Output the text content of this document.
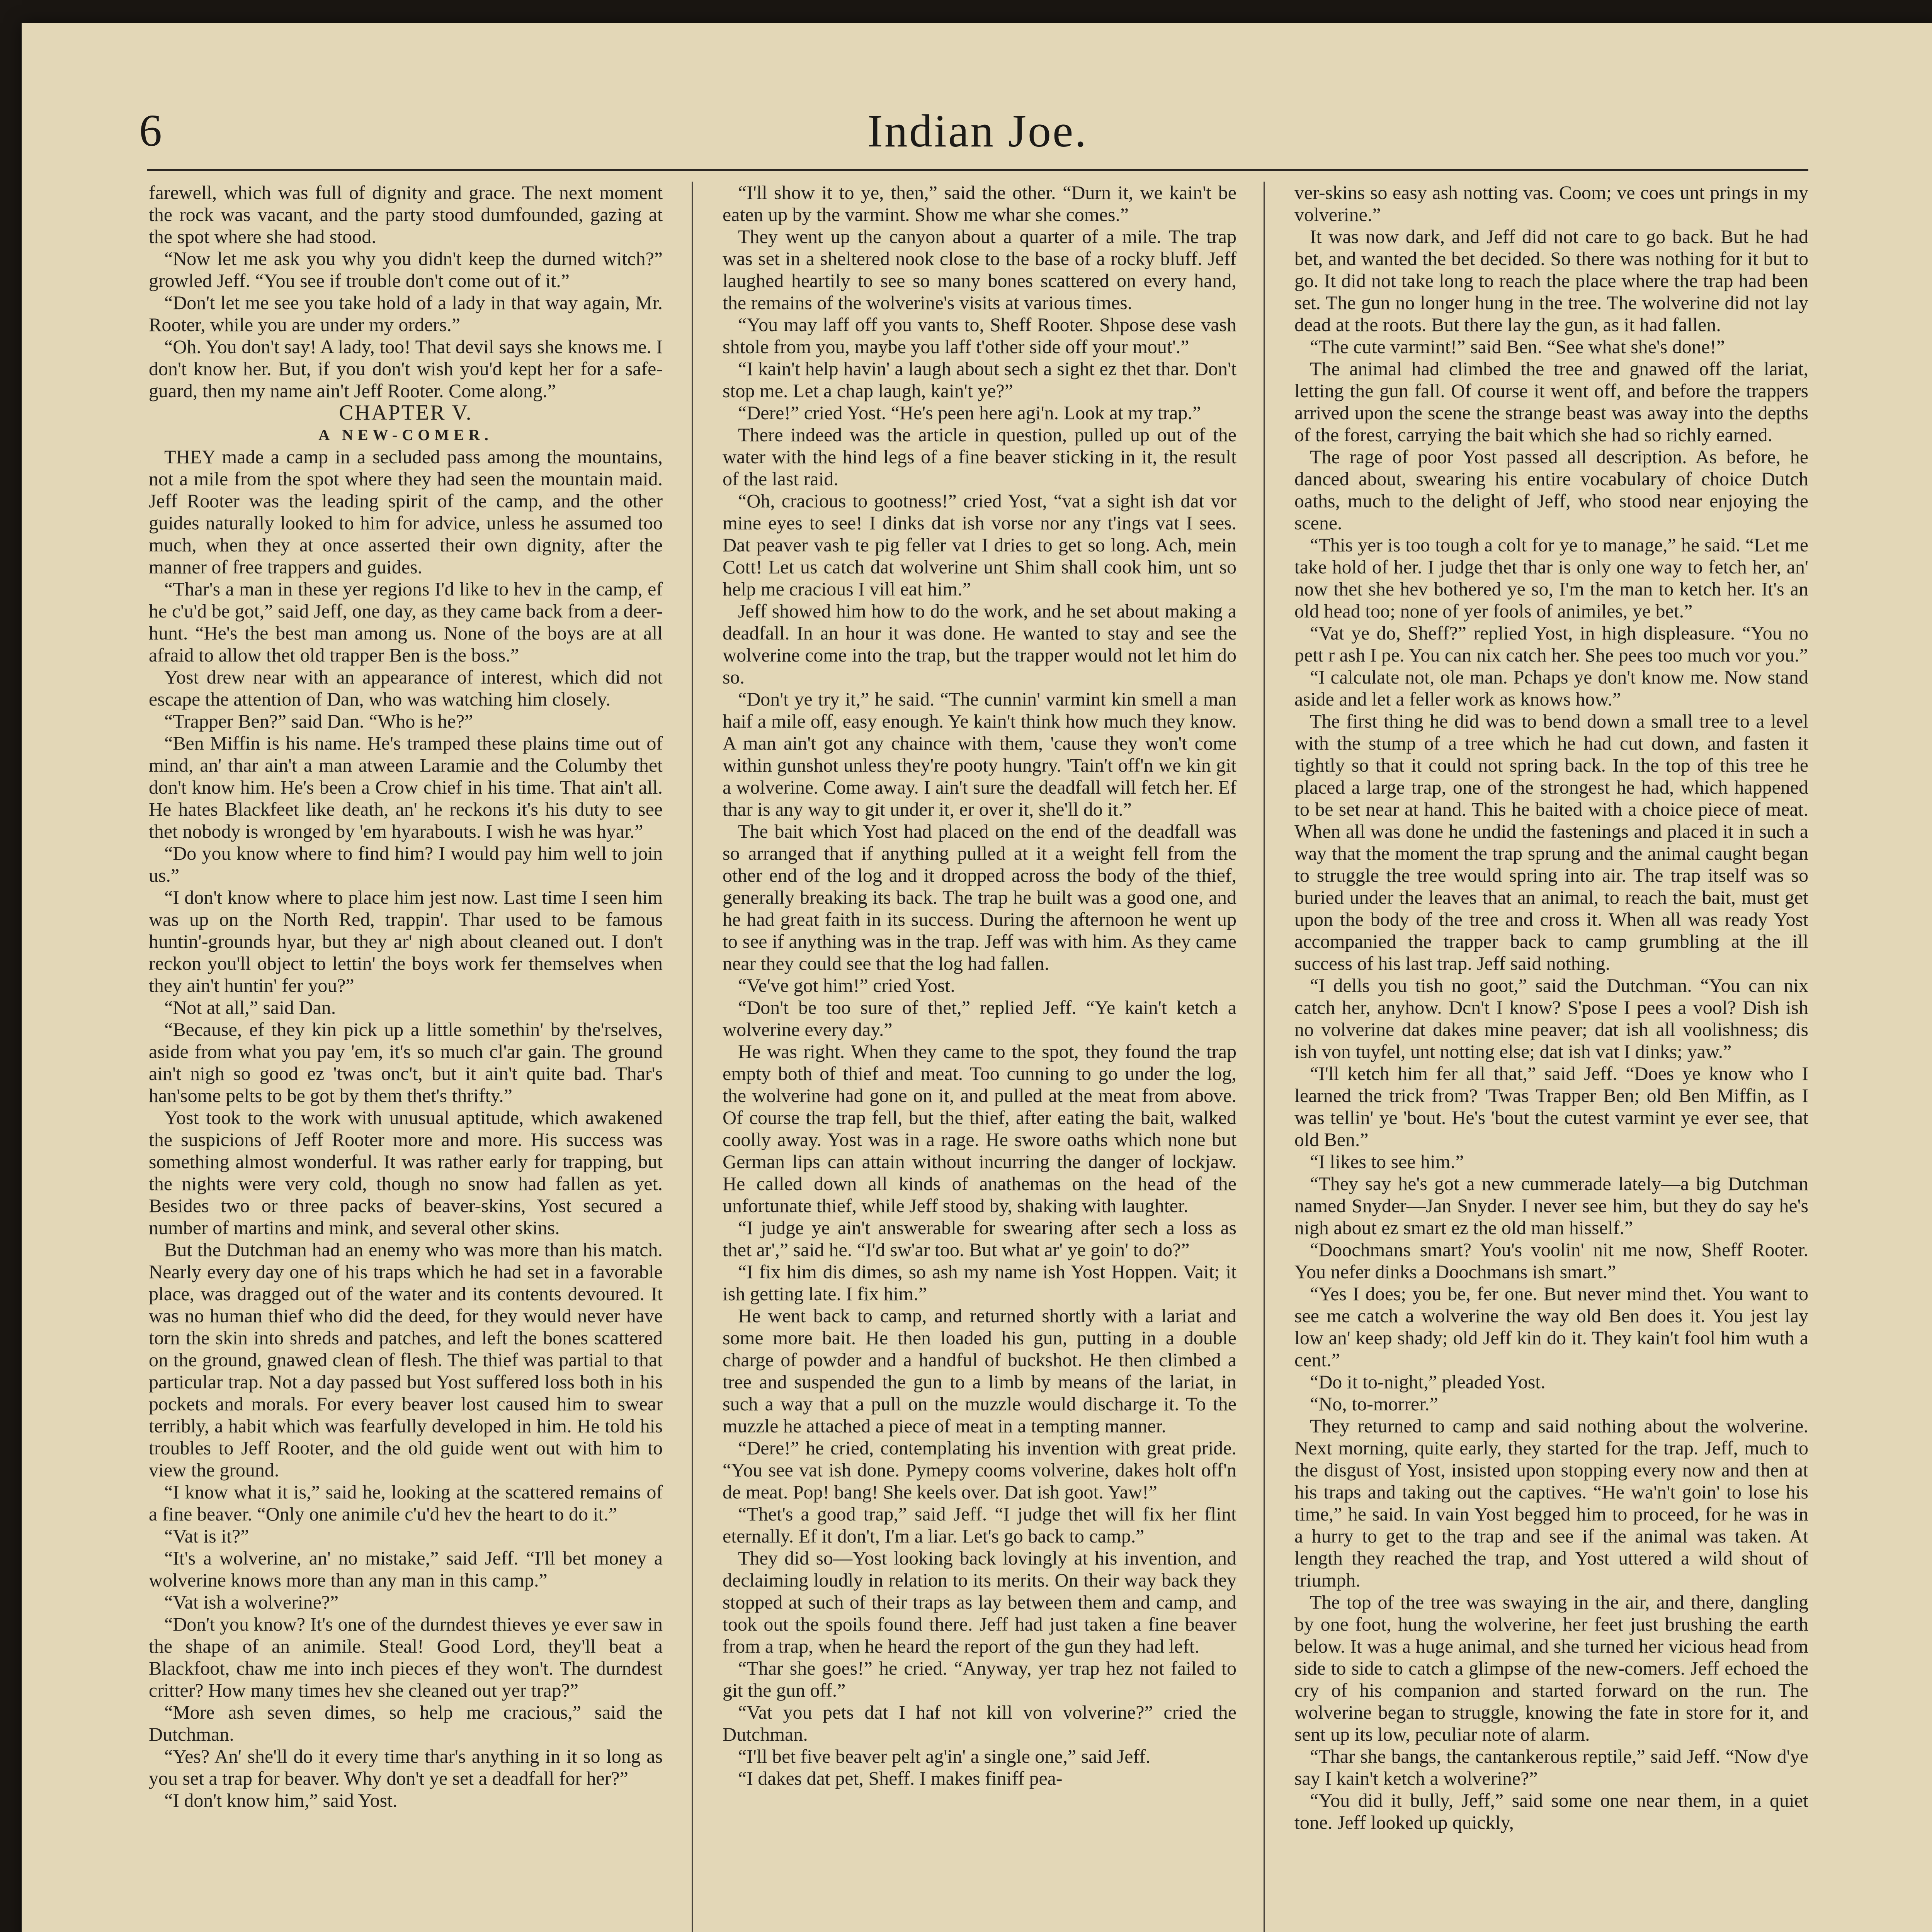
6	Indian Joe.

farewell, which was full of dignity and grace. The next moment the rock was vacant, and the party stood dumfounded, gazing at the spot where she had stood.

“Now let me ask you why you didn't keep the durned witch?” growled Jeff. “You see if trouble don't come out of it.”

“Don't let me see you take hold of a lady in that way again, Mr. Rooter, while you are under my orders.”

“Oh. You don't say! A lady, too! That devil says she knows me. I don't know her. But, if you don't wish you'd kept her for a safe-guard, then my name ain't Jeff Rooter. Come along.”

CHAPTER V.

A NEW-COMER.

THEY made a camp in a secluded pass among the mountains, not a mile from the spot where they had seen the mountain maid. Jeff Rooter was the leading spirit of the camp, and the other guides naturally looked to him for advice, unless he assumed too much, when they at once asserted their own dignity, after the manner of free trappers and guides.

“Thar's a man in these yer regions I'd like to hev in the camp, ef he c'u'd be got,” said Jeff, one day, as they came back from a deer-hunt. “He's the best man among us. None of the boys are at all afraid to allow thet old trapper Ben is the boss.”

Yost drew near with an appearance of interest, which did not escape the attention of Dan, who was watching him closely.

“Trapper Ben?” said Dan. “Who is he?”

“Ben Miffin is his name. He's tramped these plains time out of mind, an' thar ain't a man atween Laramie and the Columby thet don't know him. He's been a Crow chief in his time. That ain't all. He hates Blackfeet like death, an' he reckons it's his duty to see thet nobody is wronged by 'em hyarabouts. I wish he was hyar.”

“Do you know where to find him? I would pay him well to join us.”

“I don't know where to place him jest now. Last time I seen him was up on the North Red, trappin'. Thar used to be famous huntin'-grounds hyar, but they ar' nigh about cleaned out. I don't reckon you'll object to lettin' the boys work fer themselves when they ain't huntin' fer you?”

“Not at all,” said Dan.

“Because, ef they kin pick up a little somethin' by the'rselves, aside from what you pay 'em, it's so much cl'ar gain. The ground ain't nigh so good ez 'twas onc't, but it ain't quite bad. Thar's han'some pelts to be got by them thet's thrifty.”

Yost took to the work with unusual aptitude, which awakened the suspicions of Jeff Rooter more and more. His success was something almost wonderful. It was rather early for trapping, but the nights were very cold, though no snow had fallen as yet. Besides two or three packs of beaver-skins, Yost secured a number of martins and mink, and several other skins.

But the Dutchman had an enemy who was more than his match. Nearly every day one of his traps which he had set in a favorable place, was dragged out of the water and its contents devoured. It was no human thief who did the deed, for they would never have torn the skin into shreds and patches, and left the bones scattered on the ground, gnawed clean of flesh. The thief was partial to that particular trap. Not a day passed but Yost suffered loss both in his pockets and morals. For every beaver lost caused him to swear terribly, a habit which was fearfully developed in him. He told his troubles to Jeff Rooter, and the old guide went out with him to view the ground.

“I know what it is,” said he, looking at the scattered remains of a fine beaver. “Only one animile c'u'd hev the heart to do it.”

“Vat is it?”

“It's a wolverine, an' no mistake,” said Jeff. “I'll bet money a wolverine knows more than any man in this camp.”

“Vat ish a wolverine?”

“Don't you know? It's one of the durndest thieves ye ever saw in the shape of an animile. Steal! Good Lord, they'll beat a Blackfoot, chaw me into inch pieces ef they won't. The durndest critter? How many times hev she cleaned out yer trap?”

“More ash seven dimes, so help me cracious,” said the Dutchman.

“Yes? An' she'll do it every time thar's anything in it so long as you set a trap for beaver. Why don't ye set a deadfall for her?”

“I don't know him,” said Yost.

“I'll show it to ye, then,” said the other. “Durn it, we kain't be eaten up by the varmint. Show me whar she comes.”

They went up the canyon about a quarter of a mile. The trap was set in a sheltered nook close to the base of a rocky bluff. Jeff laughed heartily to see so many bones scattered on every hand, the remains of the wolverine's visits at various times.

“You may laff off you vants to, Sheff Rooter. Shpose dese vash shtole from you, maybe you laff t'other side off your mout'.”

“I kain't help havin' a laugh about sech a sight ez thet thar. Don't stop me. Let a chap laugh, kain't ye?”

“Dere!” cried Yost. “He's peen here agi'n. Look at my trap.”

There indeed was the article in question, pulled up out of the water with the hind legs of a fine beaver sticking in it, the result of the last raid.

“Oh, cracious to gootness!” cried Yost, “vat a sight ish dat vor mine eyes to see! I dinks dat ish vorse nor any t'ings vat I sees. Dat peaver vash te pig feller vat I dries to get so long. Ach, mein Cott! Let us catch dat wolverine unt Shim shall cook him, unt so help me cracious I vill eat him.”

Jeff showed him how to do the work, and he set about making a deadfall. In an hour it was done. He wanted to stay and see the wolverine come into the trap, but the trapper would not let him do so.

“Don't ye try it,” he said. “The cunnin' varmint kin smell a man haif a mile off, easy enough. Ye kain't think how much they know. A man ain't got any chaince with them, 'cause they won't come within gunshot unless they're pooty hungry. 'Tain't off'n we kin git a wolverine. Come away. I ain't sure the deadfall will fetch her. Ef thar is any way to git under it, er over it, she'll do it.”

The bait which Yost had placed on the end of the deadfall was so arranged that if anything pulled at it a weight fell from the other end of the log and it dropped across the body of the thief, generally breaking its back. The trap he built was a good one, and he had great faith in its success. During the afternoon he went up to see if anything was in the trap. Jeff was with him. As they came near they could see that the log had fallen.

“Ve've got him!” cried Yost.

“Don't be too sure of thet,” replied Jeff. “Ye kain't ketch a wolverine every day.”

He was right. When they came to the spot, they found the trap empty both of thief and meat. Too cunning to go under the log, the wolverine had gone on it, and pulled at the meat from above. Of course the trap fell, but the thief, after eating the bait, walked coolly away. Yost was in a rage. He swore oaths which none but German lips can attain without incurring the danger of lockjaw. He called down all kinds of anathemas on the head of the unfortunate thief, while Jeff stood by, shaking with laughter.

“I judge ye ain't answerable for swearing after sech a loss as thet ar',” said he. “I'd sw'ar too. But what ar' ye goin' to do?”

“I fix him dis dimes, so ash my name ish Yost Hoppen. Vait; it ish getting late. I fix him.”

He went back to camp, and returned shortly with a lariat and some more bait. He then loaded his gun, putting in a double charge of powder and a handful of buckshot. He then climbed a tree and suspended the gun to a limb by means of the lariat, in such a way that a pull on the muzzle would discharge it. To the muzzle he attached a piece of meat in a tempting manner.

“Dere!” he cried, contemplating his invention with great pride. “You see vat ish done. Pymepy cooms volverine, dakes holt off'n de meat. Pop! bang! She keels over. Dat ish goot. Yaw!”

“Thet's a good trap,” said Jeff. “I judge thet will fix her flint eternally. Ef it don't, I'm a liar. Let's go back to camp.”

They did so—Yost looking back lovingly at his invention, and declaiming loudly in relation to its merits. On their way back they stopped at such of their traps as lay between them and camp, and took out the spoils found there. Jeff had just taken a fine beaver from a trap, when he heard the report of the gun they had left.

“Thar she goes!” he cried. “Anyway, yer trap hez not failed to git the gun off.”

“Vat you pets dat I haf not kill von volverine?” cried the Dutchman.

“I'll bet five beaver pelt ag'in' a single one,” said Jeff.

“I dakes dat pet, Sheff. I makes finiff pea-

ver-skins so easy ash notting vas. Coom; ve coes unt prings in my volverine.”

It was now dark, and Jeff did not care to go back. But he had bet, and wanted the bet decided. So there was nothing for it but to go. It did not take long to reach the place where the trap had been set. The gun no longer hung in the tree. The wolverine did not lay dead at the roots. But there lay the gun, as it had fallen.

“The cute varmint!” said Ben. “See what she's done!”

The animal had climbed the tree and gnawed off the lariat, letting the gun fall. Of course it went off, and before the trappers arrived upon the scene the strange beast was away into the depths of the forest, carrying the bait which she had so richly earned.

The rage of poor Yost passed all description. As before, he danced about, swearing his entire vocabulary of choice Dutch oaths, much to the delight of Jeff, who stood near enjoying the scene.

“This yer is too tough a colt for ye to manage,” he said. “Let me take hold of her. I judge thet thar is only one way to fetch her, an' now thet she hev bothered ye so, I'm the man to ketch her. It's an old head too; none of yer fools of animiles, ye bet.”

“Vat ye do, Sheff?” replied Yost, in high displeasure. “You no pett r ash I pe. You can nix catch her. She pees too much vor you.”

“I calculate not, ole man. Pchaps ye don't know me. Now stand aside and let a feller work as knows how.”

The first thing he did was to bend down a small tree to a level with the stump of a tree which he had cut down, and fasten it tightly so that it could not spring back. In the top of this tree he placed a large trap, one of the strongest he had, which happened to be set near at hand. This he baited with a choice piece of meat. When all was done he undid the fastenings and placed it in such a way that the moment the trap sprung and the animal caught began to struggle the tree would spring into air. The trap itself was so buried under the leaves that an animal, to reach the bait, must get upon the body of the tree and cross it. When all was ready Yost accompanied the trapper back to camp grumbling at the ill success of his last trap. Jeff said nothing.

“I dells you tish no goot,” said the Dutchman. “You can nix catch her, anyhow. Dcn't I know? S'pose I pees a vool? Dish ish no volverine dat dakes mine peaver; dat ish all voolishness; dis ish von tuyfel, unt notting else; dat ish vat I dinks; yaw.”

“I'll ketch him fer all that,” said Jeff. “Does ye know who I learned the trick from? 'Twas Trapper Ben; old Ben Miffin, as I was tellin' ye 'bout. He's 'bout the cutest varmint ye ever see, that old Ben.”

“I likes to see him.”

“They say he's got a new cummerade lately—a big Dutchman named Snyder—Jan Snyder. I never see him, but they do say he's nigh about ez smart ez the old man hisself.”

“Doochmans smart? You's voolin' nit me now, Sheff Rooter. You nefer dinks a Doochmans ish smart.”

“Yes I does; you be, fer one. But never mind thet. You want to see me catch a wolverine the way old Ben does it. You jest lay low an' keep shady; old Jeff kin do it. They kain't fool him wuth a cent.”

“Do it to-night,” pleaded Yost.

“No, to-morrer.”

They returned to camp and said nothing about the wolverine. Next morning, quite early, they started for the trap. Jeff, much to the disgust of Yost, insisted upon stopping every now and then at his traps and taking out the captives. “He wa'n't goin' to lose his time,” he said. In vain Yost begged him to proceed, for he was in a hurry to get to the trap and see if the animal was taken. At length they reached the trap, and Yost uttered a wild shout of triumph.

The top of the tree was swaying in the air, and there, dangling by one foot, hung the wolverine, her feet just brushing the earth below. It was a huge animal, and she turned her vicious head from side to side to catch a glimpse of the new-comers. Jeff echoed the cry of his companion and started forward on the run. The wolverine began to struggle, knowing the fate in store for it, and sent up its low, peculiar note of alarm.

“Thar she bangs, the cantankerous reptile,” said Jeff. “Now d'ye say I kain't ketch a wolverine?”

“You did it bully, Jeff,” said some one near them, in a quiet tone. Jeff looked up quickly,
